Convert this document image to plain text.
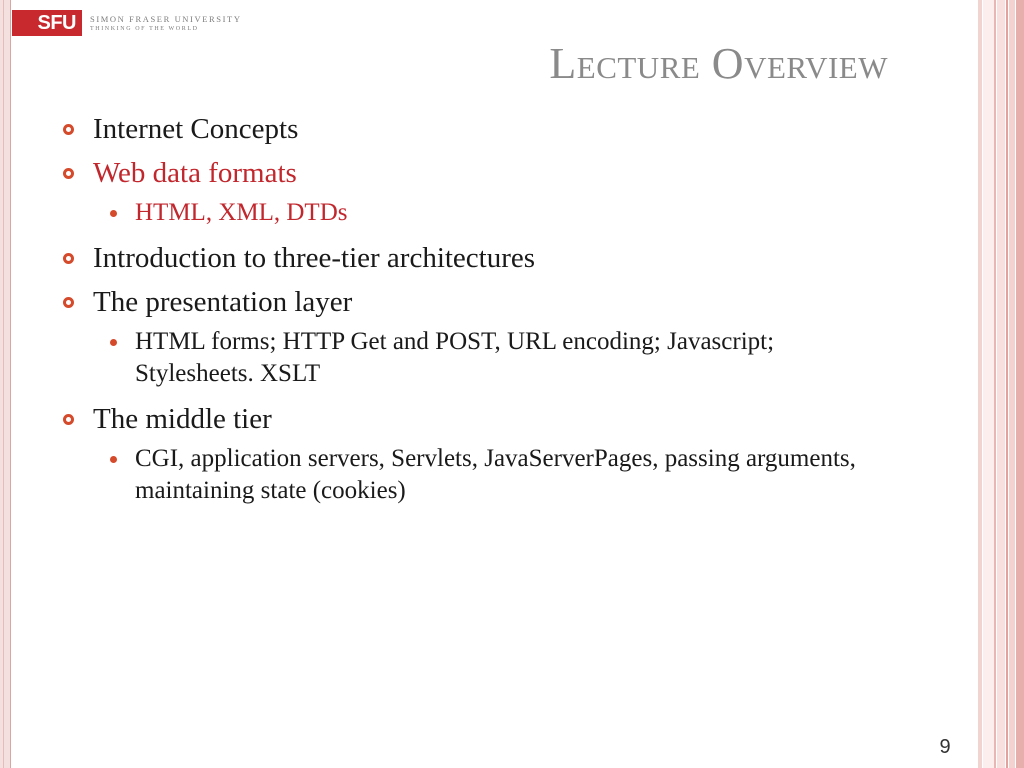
SFU	SIMON FRASER UNIVERSITY
THINKING OF THE WORLD
Lecture Overview
Internet Concepts
Web data formats
HTML, XML, DTDs
Introduction to three-tier architectures
The presentation layer
HTML forms; HTTP Get and POST, URL encoding; Javascript; Stylesheets. XSLT
The middle tier
CGI, application servers, Servlets, JavaServerPages, passing arguments, maintaining state (cookies)
9
